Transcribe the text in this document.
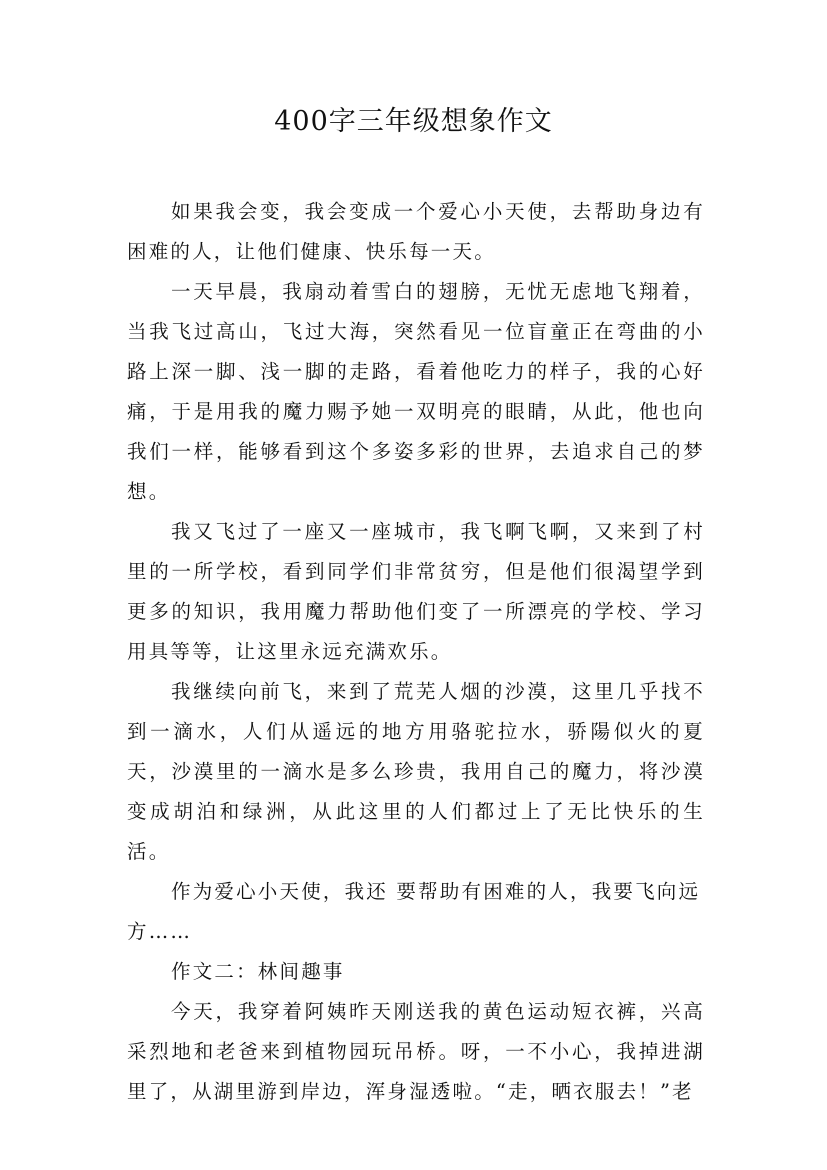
400字三年级想象作文

如果我会变，我会变成一个爱心小天使，去帮助身边有困难的人，让他们健康、快乐每一天。

一天早晨，我扇动着雪白的翅膀，无忧无虑地飞翔着，当我飞过高山，飞过大海，突然看见一位盲童正在弯曲的小路上深一脚、浅一脚的走路，看着他吃力的样子，我的心好痛，于是用我的魔力赐予她一双明亮的眼睛，从此，他也向我们一样，能够看到这个多姿多彩的世界，去追求自己的梦想。

我又飞过了一座又一座城市，我飞啊飞啊，又来到了村里的一所学校，看到同学们非常贫穷，但是他们很渴望学到更多的知识，我用魔力帮助他们变了一所漂亮的学校、学习用具等等，让这里永远充满欢乐。

我继续向前飞，来到了荒芜人烟的沙漠，这里几乎找不到一滴水，人们从遥远的地方用骆驼拉水，骄陽似火的夏天，沙漠里的一滴水是多么珍贵，我用自己的魔力，将沙漠变成胡泊和绿洲，从此这里的人们都过上了无比快乐的生活。

作为爱心小天使，我还 要帮助有困难的人，我要飞向远方……

作文二：林间趣事

今天，我穿着阿姨昨天刚送我的黄色运动短衣裤，兴高采烈地和老爸来到植物园玩吊桥。呀，一不小心，我掉进湖里了，从湖里游到岸边，浑身湿透啦。“走，晒衣服去！”老
